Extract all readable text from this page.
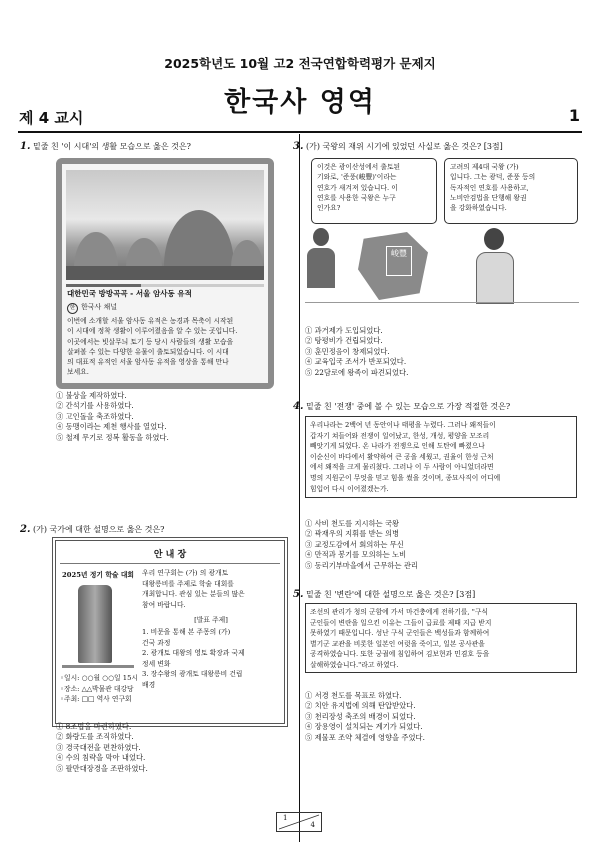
2025학년도 10월 고2 전국연합학력평가 문제지
한국사 영역
제 4 교시	1
1. 밑줄 친 '이 시대'의 생활 모습으로 옳은 것은?
대한민국 방방곡곡 - 서울 암사동 유적
한 한국사 채널
이번에 소개할 서울 암사동 유적은 농경과 목축이 시작된
이 시대에 정착 생활이 이루어졌음을 알 수 있는 곳입니다.
이곳에서는 빗살무늬 토기 등 당시 사람들의 생활 모습을
살펴볼 수 있는 다양한 유물이 출토되었습니다. 이 시대
의 대표적 유적인 서울 암사동 유적을 영상을 통해 만나
보세요.
① 불상을 제작하였다.
② 간석기를 사용하였다.
③ 고인돌을 축조하였다.
④ 동맹이라는 제천 행사를 열었다.
⑤ 철제 무기로 정복 활동을 하였다.
2. (가) 국가에 대한 설명으로 옳은 것은?
안 내 장
2025년 정기 학술 대회
◦일시: ○○월 ○○일 15시
◦장소: △△박물관 대강당
◦주최: □□ 역사 연구회
우리 연구회는 (가) 의 광개토
대왕릉비를 주제로 학술 대회를
개최합니다. 관심 있는 분들의 많은
참여 바랍니다.
[발표 주제]
1. 비문을 통해 본 주몽의 (가)
건국 과정
2. 광개토 대왕의 영토 확장과 국제
정세 변화
3. 장수왕의 광개토 대왕릉비 건립
배경
① 8조법을 마련하였다.
② 화랑도를 조직하였다.
③ 경국대전을 편찬하였다.
④ 수의 침략을 막아 내었다.
⑤ 팔만대장경을 조판하였다.
3. (가) 국왕의 재위 시기에 있었던 사실로 옳은 것은? [3점]
이것은 광이산성에서 출토된
기와로, '준풍(峻豐)'이라는
연호가 새겨져 있습니다. 이
연호를 사용한 국왕은 누구
인가요?
고려의 제4대 국왕 (가)
입니다. 그는 광덕, 준풍 등의
독자적인 연호를 사용하고,
노비안검법을 단행해 왕권
을 강화하였습니다.
峻豐
① 과거제가 도입되었다.
② 탕평비가 건립되었다.
③ 훈민정음이 창제되었다.
④ 교육입국 조서가 반포되었다.
⑤ 22담로에 왕족이 파견되었다.
4. 밑줄 친 '전쟁' 중에 볼 수 있는 모습으로 가장 적절한 것은?
우리나라는 2백여 년 동안이나 태평을 누렸다. 그러나 왜적들이
갑자기 쳐들어와 전쟁이 일어났고, 한성, 개성, 평양을 모조리
빼앗기게 되었다. 온 나라가 전쟁으로 인해 도탄에 빠졌으나
이순신이 바다에서 활약하여 큰 공을 세웠고, 권율이 한성 근처
에서 왜적을 크게 물리쳤다. 그러나 이 두 사람이 아니었더라면
명의 지원군이 무엇을 믿고 힘을 썼을 것이며, 종묘사직이 어디에
힘입어 다시 이어졌겠는가.
① 사비 천도를 지시하는 국왕
② 곽재우의 지휘를 받는 의병
③ 교정도감에서 회의하는 무신
④ 만적과 봉기를 모의하는 노비
⑤ 동리기부마을에서 근무하는 관리
5. 밑줄 친 '변란'에 대한 설명으로 옳은 것은? [3점]
조선의 관리가 청의 군함에 가서 마건충에게 전하기를, "구식
군인들이 변란을 일으킨 이유는 그들이 급료를 제때 지급 받지
못하였기 때문입니다. 성난 구식 군인들은 백성들과 함께하여
별기군 교관을 비롯한 일본인 여럿을 죽이고, 일본 공사관을
공격하였습니다. 또한 궁궐에 침입하여 김보현과 민겸호 등을
살해하였습니다."라고 하였다.
① 서경 천도를 목표로 하였다.
② 치안 유지법에 의해 탄압받았다.
③ 천리장성 축조의 배경이 되었다.
④ 장용영이 설치되는 계기가 되었다.
⑤ 제물포 조약 체결에 영향을 주었다.
1
4
